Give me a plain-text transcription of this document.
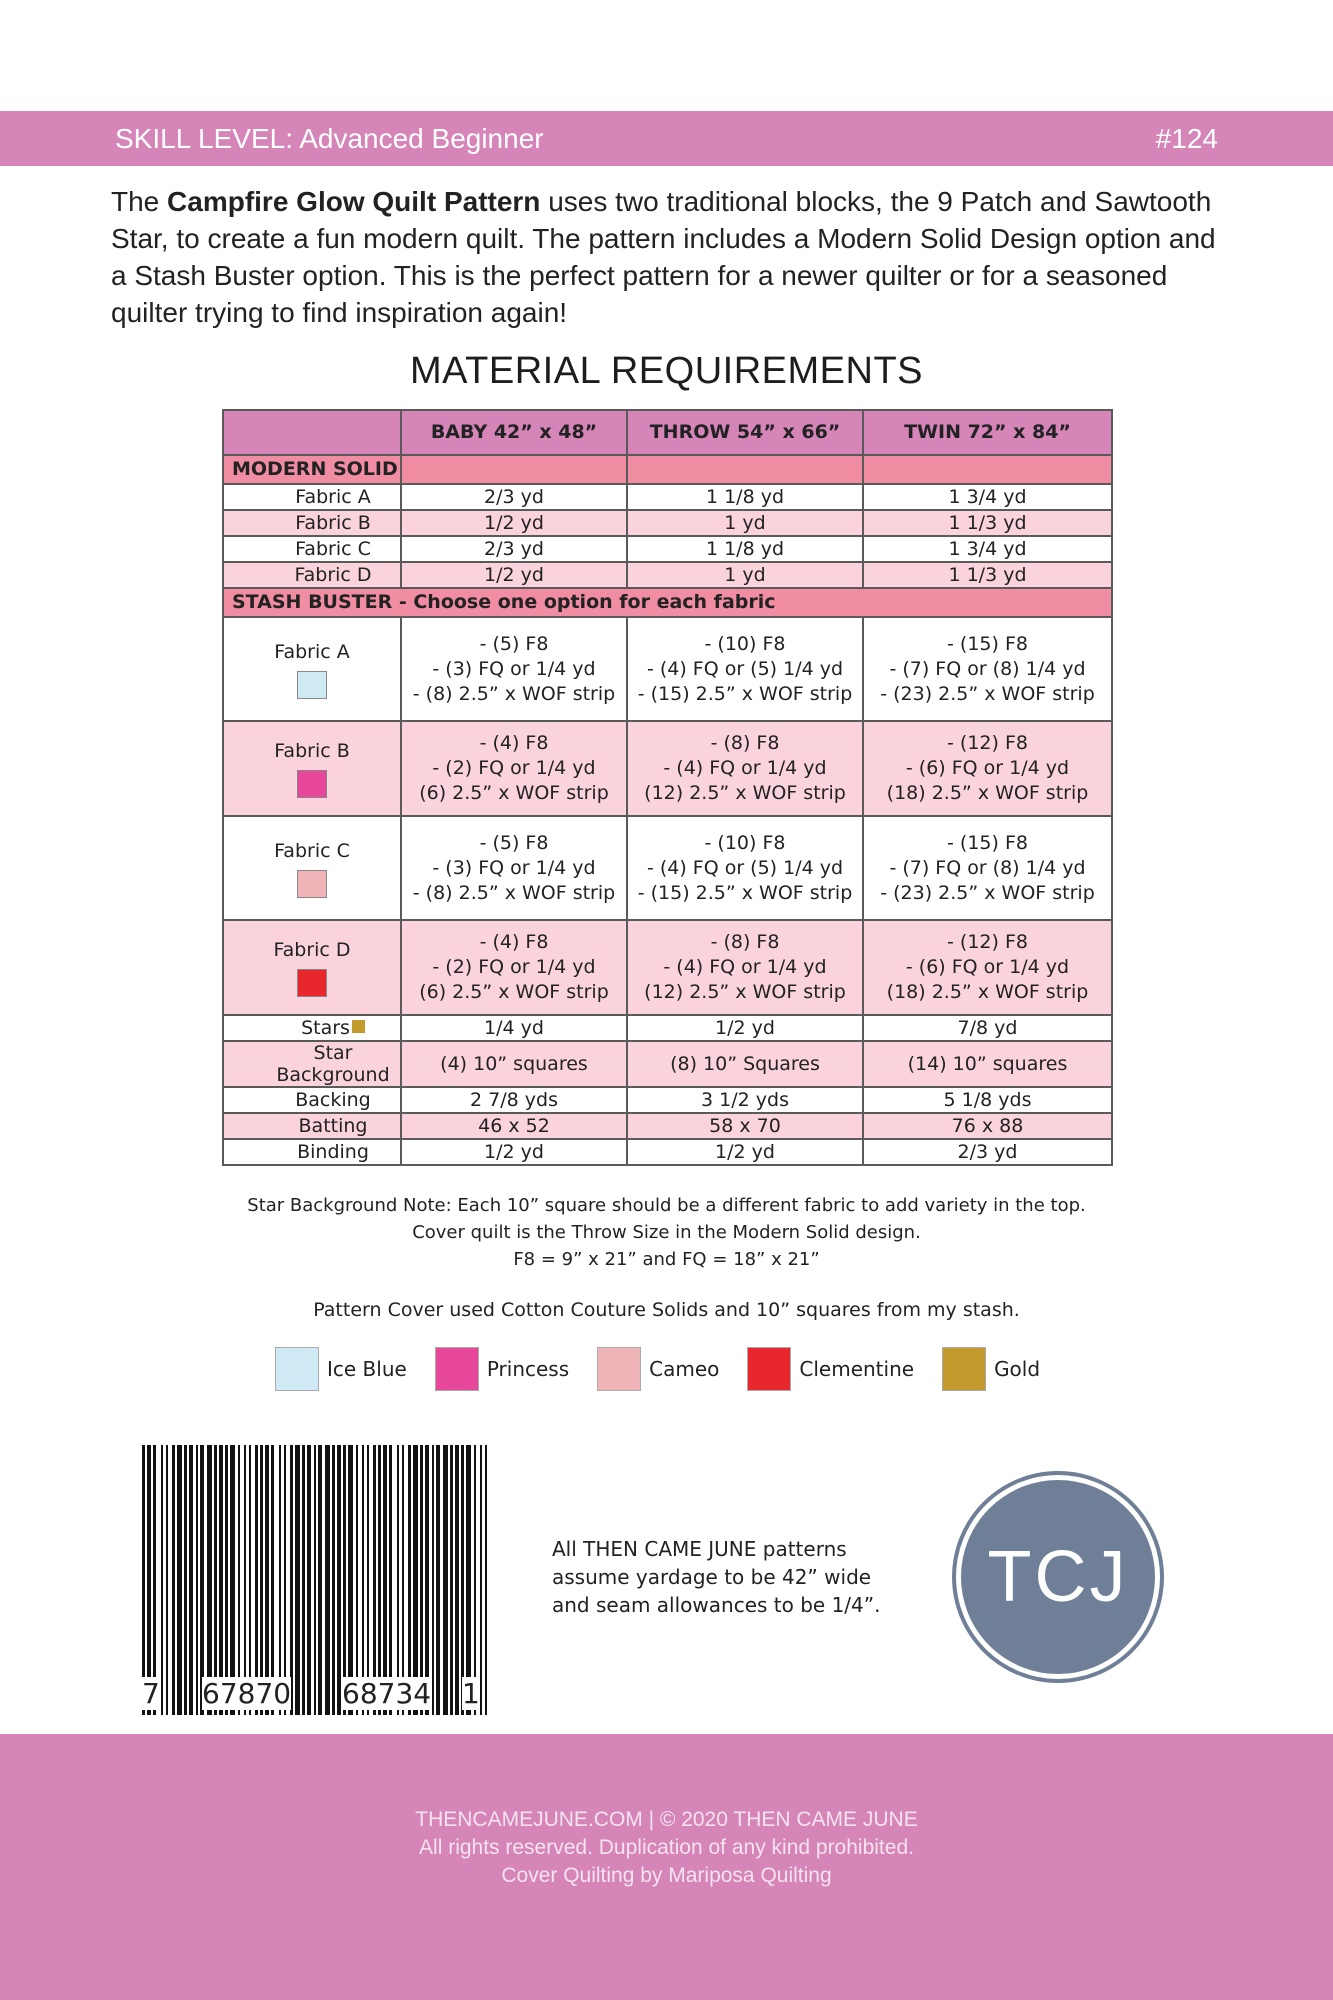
SKILL LEVEL: Advanced Beginner	#124

The Campfire Glow Quilt Pattern uses two traditional blocks, the 9 Patch and Sawtooth Star, to create a fun modern quilt. The pattern includes a Modern Solid Design option and a Stash Buster option. This is the perfect pattern for a newer quilter or for a seasoned quilter trying to find inspiration again!

MATERIAL REQUIREMENTS
	BABY 42” x 48”	THROW 54” x 66”	TWIN 72” x 84”
MODERN SOLID			
Fabric A	2/3 yd	1 1/8 yd	1 3/4 yd
Fabric B	1/2 yd	1 yd	1 1/3 yd
Fabric C	2/3 yd	1 1/8 yd	1 3/4 yd
Fabric D	1/2 yd	1 yd	1 1/3 yd
STASH BUSTER - Choose one option for each fabric			
Fabric A	- (5) F8
- (3) FQ or 1/4 yd
- (8) 2.5” x WOF strip	- (10) F8
- (4) FQ or (5) 1/4 yd
- (15) 2.5” x WOF strip	- (15) F8
- (7) FQ or (8) 1/4 yd
- (23) 2.5” x WOF strip

Fabric B	- (4) F8
- (2) FQ or 1/4 yd
(6) 2.5” x WOF strip	- (8) F8
- (4) FQ or 1/4 yd
(12) 2.5” x WOF strip	- (12) F8
- (6) FQ or 1/4 yd
(18) 2.5” x WOF strip

Fabric C	- (5) F8
- (3) FQ or 1/4 yd
- (8) 2.5” x WOF strip	- (10) F8
- (4) FQ or (5) 1/4 yd
- (15) 2.5” x WOF strip	- (15) F8
- (7) FQ or (8) 1/4 yd
- (23) 2.5” x WOF strip

Fabric D	- (4) F8
- (2) FQ or 1/4 yd
(6) 2.5” x WOF strip	- (8) F8
- (4) FQ or 1/4 yd
(12) 2.5” x WOF strip	- (12) F8
- (6) FQ or 1/4 yd
(18) 2.5” x WOF strip

Stars	1/4 yd	1/2 yd	7/8 yd
Star Background	(4) 10” squares	(8) 10” Squares	(14) 10” squares
Backing	2 7/8 yds	3 1/2 yds	5 1/8 yds
Batting	46 x 52	58 x 70	76 x 88
Binding	1/2 yd	1/2 yd	2/3 yd
Star Background Note: Each 10” square should be a different fabric to add variety in the top.
Cover quilt is the Throw Size in the Modern Solid design.
F8 = 9” x 21” and FQ = 18” x 21”
Pattern Cover used Cotton Couture Solids and 10” squares from my stash.
Ice Blue	Princess	Cameo	Clementine	Gold
7 67870 68734 1
All THEN CAME JUNE patterns
assume yardage to be 42” wide
and seam allowances to be 1/4”.	TCJ
THENCAMEJUNE.COM | © 2020 THEN CAME JUNE
All rights reserved. Duplication of any kind prohibited.
Cover Quilting by Mariposa Quilting
